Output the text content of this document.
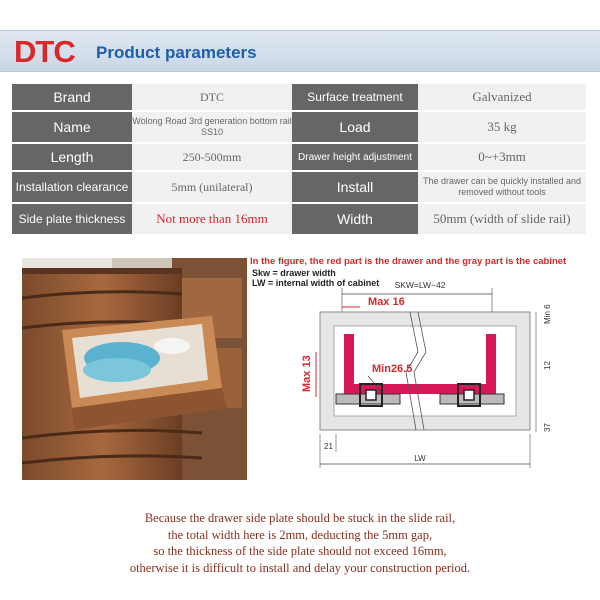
DTC Product parameters
Brand	DTC	Surface treatment	Galvanized
Name	Wolong Road 3rd generation bottom rail SS10	Load	35 kg
Length	250-500mm	Drawer height adjustment	0~+3mm
Installation clearance	5mm (unilateral)	Install	The drawer can be quickly installed and removed without tools
Side plate thickness	Not more than 16mm	Width	50mm (width of slide rail)
In the figure, the red part is the drawer and the gray part is the cabinet
Skw = drawer width
LW = internal width of cabinet SKW=LW−42
Max 16
Min26.5
Max 13
Min 6
12
37
21
LW
Because the drawer side plate should be stuck in the slide rail,
the total width here is 2mm, deducting the 5mm gap,
so the thickness of the side plate should not exceed 16mm,
otherwise it is difficult to install and delay your construction period.
